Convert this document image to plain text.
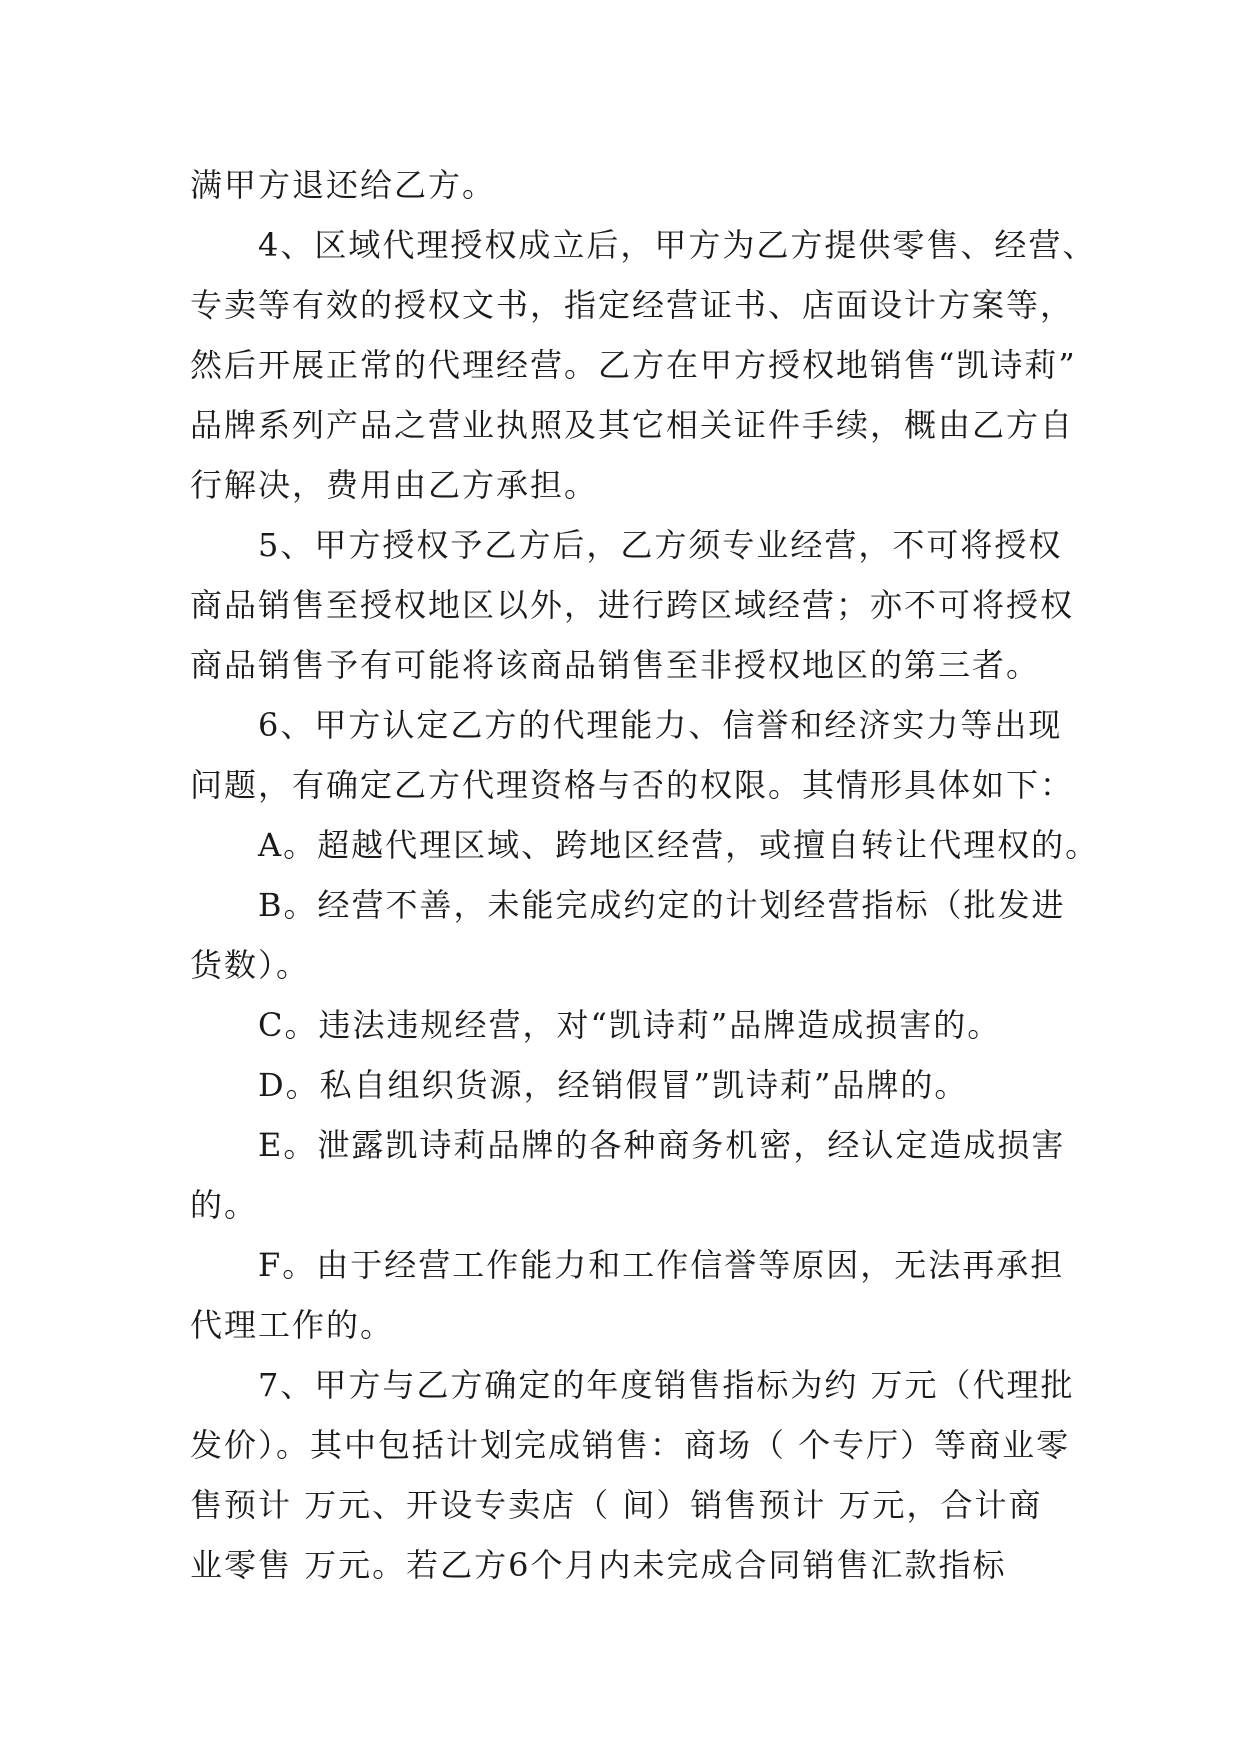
满甲方退还给乙方。
4、区域代理授权成立后，甲方为乙方提供零售、经营、
专卖等有效的授权文书，指定经营证书、店面设计方案等，
然后开展正常的代理经营。乙方在甲方授权地销售“凯诗莉”
品牌系列产品之营业执照及其它相关证件手续，概由乙方自
行解决，费用由乙方承担。
5、甲方授权予乙方后，乙方须专业经营，不可将授权
商品销售至授权地区以外，进行跨区域经营；亦不可将授权
商品销售予有可能将该商品销售至非授权地区的第三者。
6、甲方认定乙方的代理能力、信誉和经济实力等出现
问题，有确定乙方代理资格与否的权限。其情形具体如下：
A。超越代理区域、跨地区经营，或擅自转让代理权的。
B。经营不善，未能完成约定的计划经营指标（批发进
货数）。
C。违法违规经营，对“凯诗莉”品牌造成损害的。
D。私自组织货源，经销假冒”凯诗莉”品牌的。
E。泄露凯诗莉品牌的各种商务机密，经认定造成损害
的。
F。由于经营工作能力和工作信誉等原因，无法再承担
代理工作的。
7、甲方与乙方确定的年度销售指标为约 万元（代理批
发价）。其中包括计划完成销售：商场（ 个专厅）等商业零
售预计 万元、开设专卖店（ 间）销售预计 万元，合计商
业零售 万元。若乙方6个月内未完成合同销售汇款指标
